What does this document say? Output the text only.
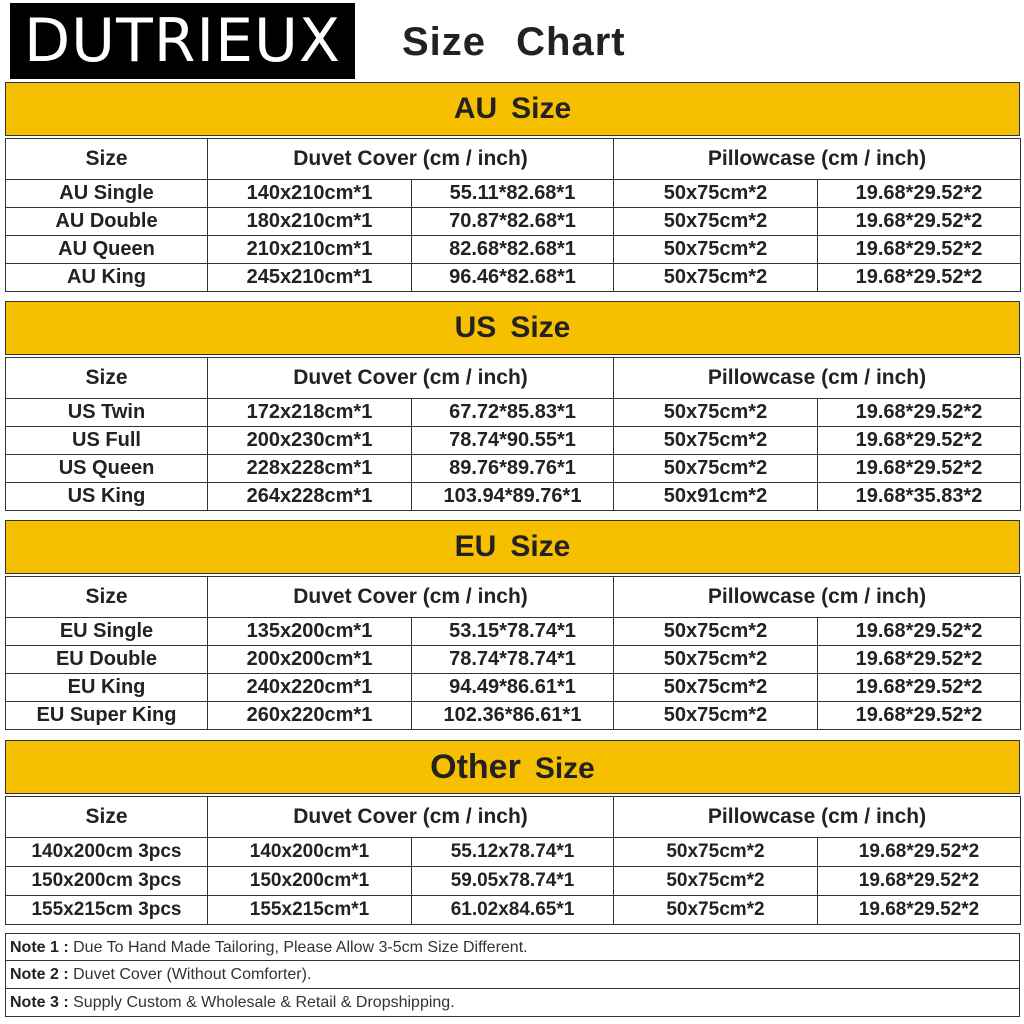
DUTRIEUX	Size Chart
AU Size
Size	Duvet Cover (cm / inch)		Pillowcase (cm / inch)	
AU Single	140x210cm*1	55.11*82.68*1	50x75cm*2	19.68*29.52*2
AU Double	180x210cm*1	70.87*82.68*1	50x75cm*2	19.68*29.52*2
AU Queen	210x210cm*1	82.68*82.68*1	50x75cm*2	19.68*29.52*2
AU King	245x210cm*1	96.46*82.68*1	50x75cm*2	19.68*29.52*2
US Size
Size	Duvet Cover (cm / inch)		Pillowcase (cm / inch)	
US Twin	172x218cm*1	67.72*85.83*1	50x75cm*2	19.68*29.52*2
US Full	200x230cm*1	78.74*90.55*1	50x75cm*2	19.68*29.52*2
US Queen	228x228cm*1	89.76*89.76*1	50x75cm*2	19.68*29.52*2
US King	264x228cm*1	103.94*89.76*1	50x91cm*2	19.68*35.83*2
EU Size
Size	Duvet Cover (cm / inch)		Pillowcase (cm / inch)	
EU Single	135x200cm*1	53.15*78.74*1	50x75cm*2	19.68*29.52*2
EU Double	200x200cm*1	78.74*78.74*1	50x75cm*2	19.68*29.52*2
EU King	240x220cm*1	94.49*86.61*1	50x75cm*2	19.68*29.52*2
EU Super King	260x220cm*1	102.36*86.61*1	50x75cm*2	19.68*29.52*2
Other Size
Size	Duvet Cover (cm / inch)		Pillowcase (cm / inch)	
140x200cm 3pcs	140x200cm*1	55.12x78.74*1	50x75cm*2	19.68*29.52*2
150x200cm 3pcs	150x200cm*1	59.05x78.74*1	50x75cm*2	19.68*29.52*2
155x215cm 3pcs	155x215cm*1	61.02x84.65*1	50x75cm*2	19.68*29.52*2
Note 1 : Due To Hand Made Tailoring, Please Allow 3-5cm Size Different.
Note 2 : Duvet Cover (Without Comforter).
Note 3 : Supply Custom & Wholesale & Retail & Dropshipping.
